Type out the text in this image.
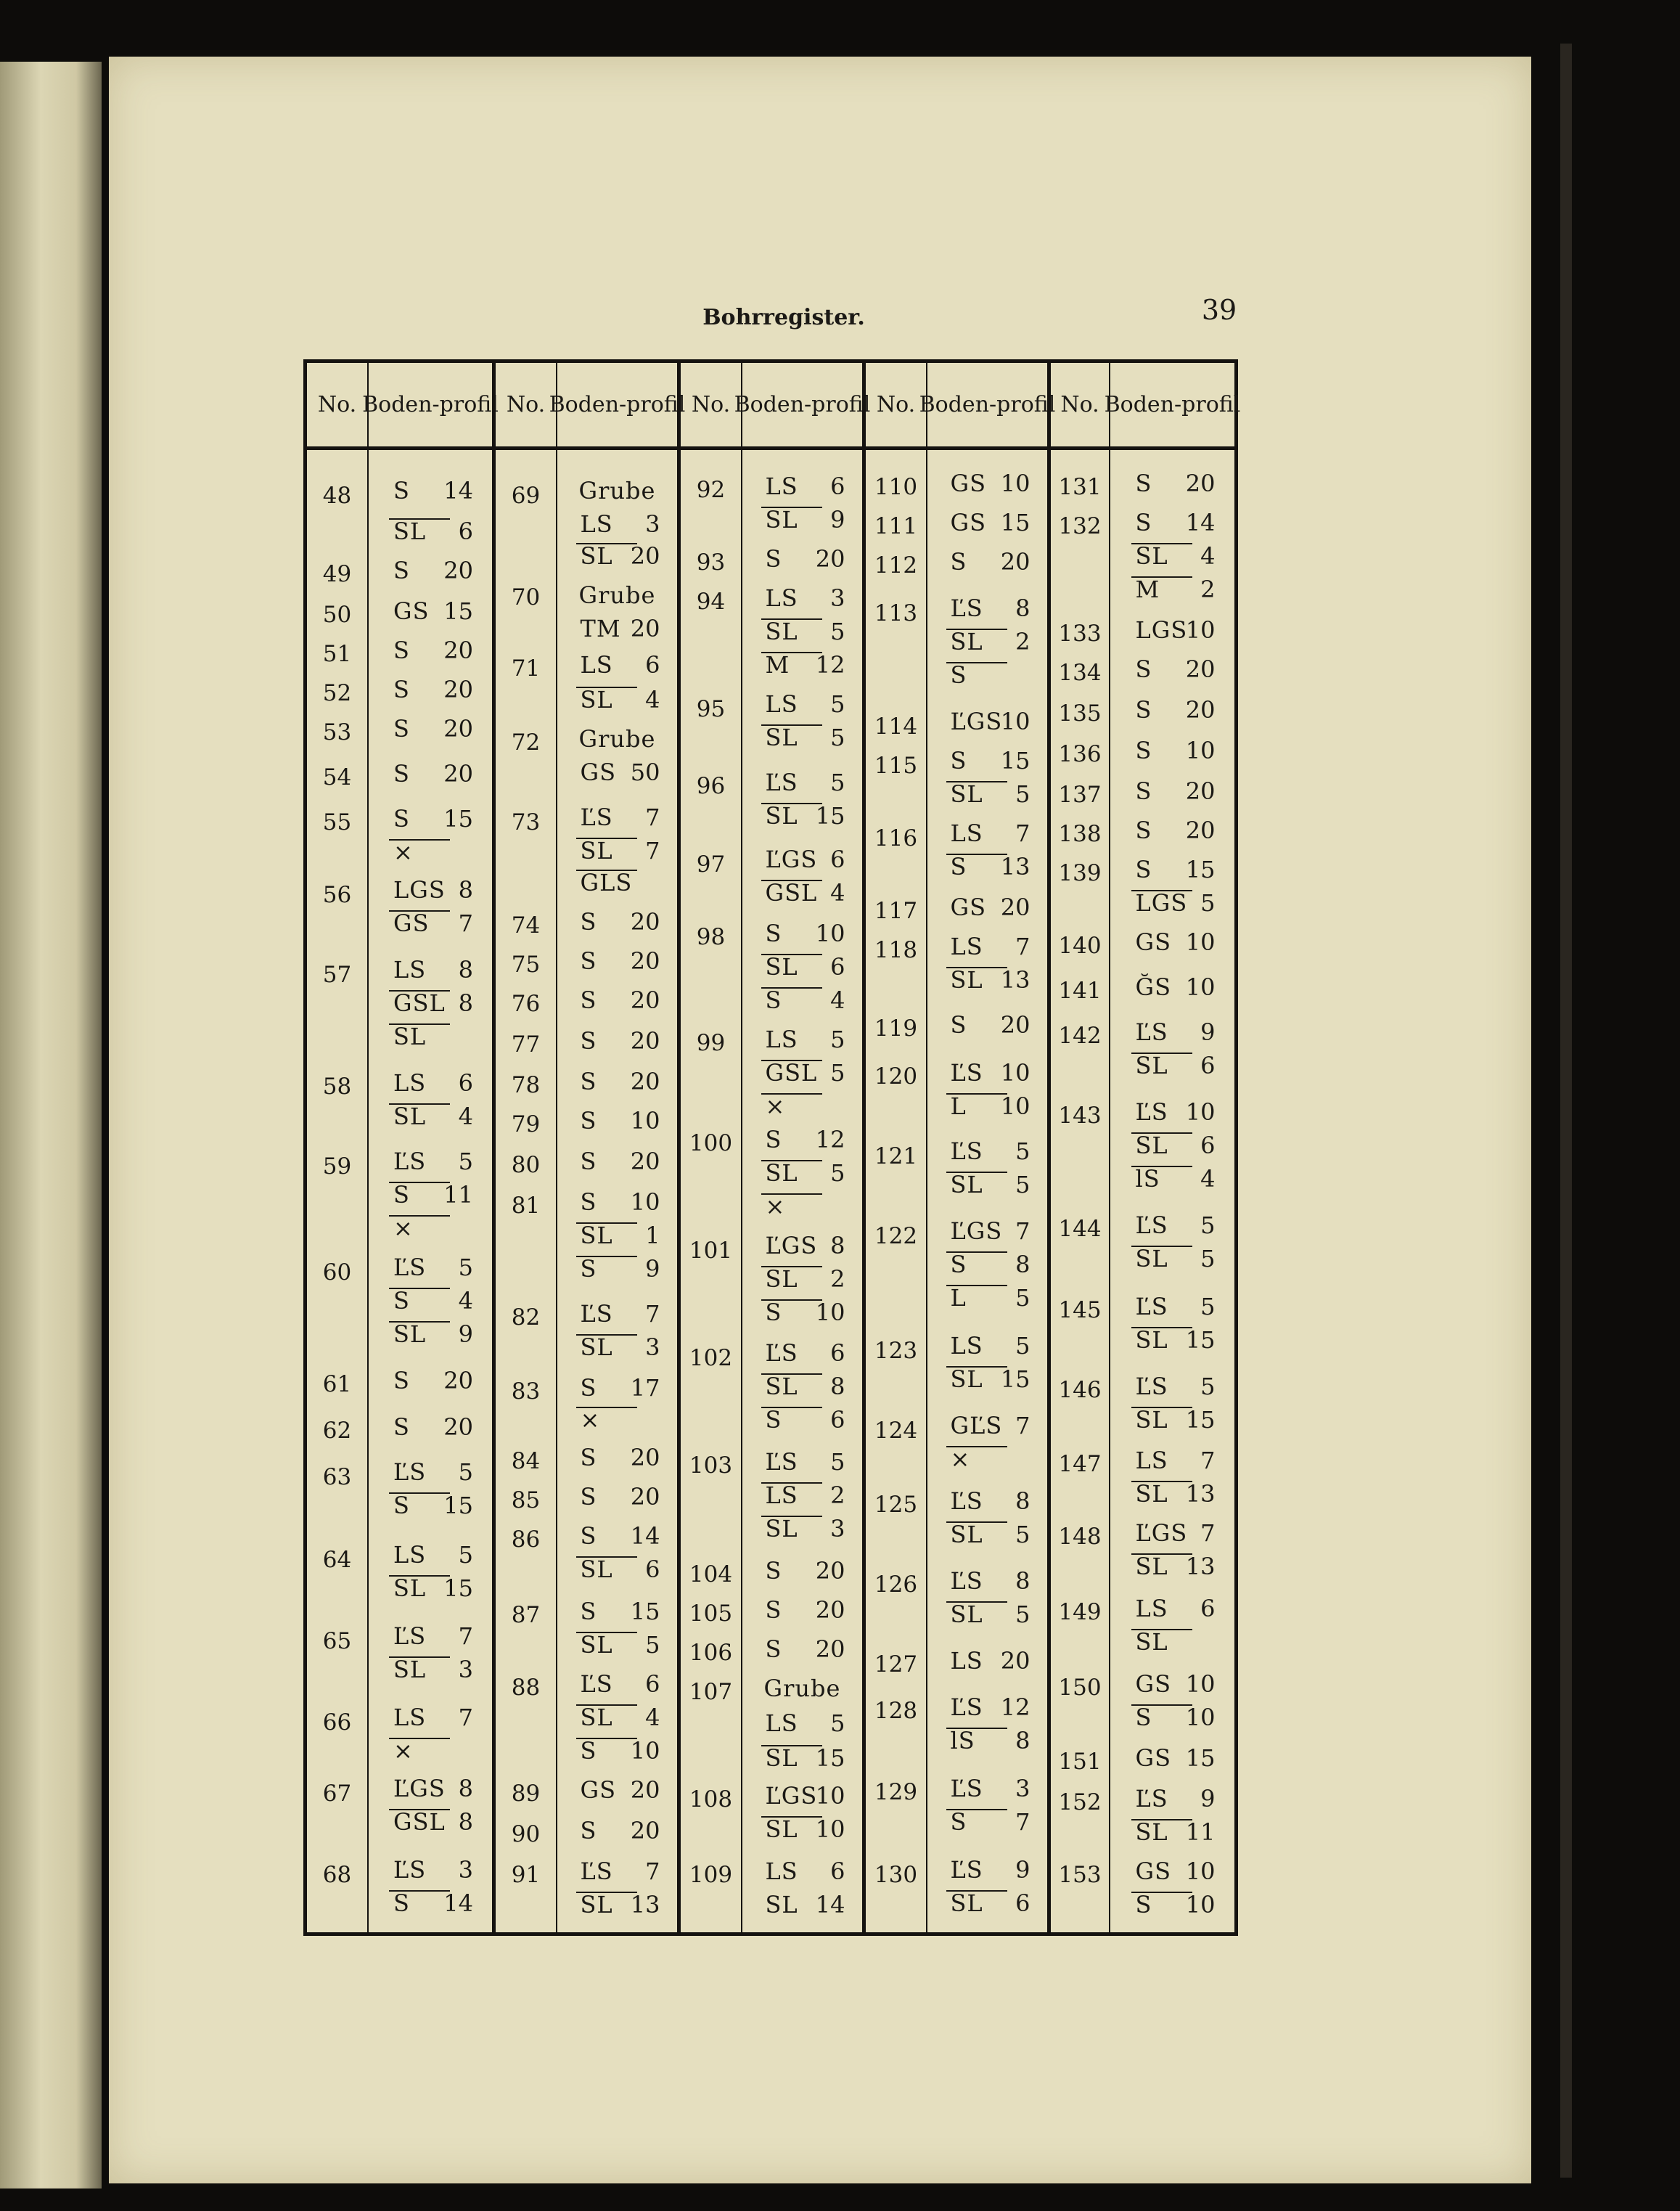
Bohrregister.	39
No.
48
49
50
51
52
53
54
55
56
57
58
59
60
61
62
63
64
65
66
67
68
Boden- profil
S 14
SL 6
S 20
GS 15
S 20
S 20
S 20
S 20
S 15
×
LGS 8
GS 7
LS 8
GSL 8
SL
LS 6
SL 4
ĽS 5
S 11
×
ĽS 5
S 4
SL 9
S 20
S 20
ĽS 5
S 15
LS 5
SL 15
ĽS 7
SL 3
LS 7
×
ĽGS 8
GSL 8
ĽS 3
S 14
No.
69
70
71
72
73
74
75
76
77
78
79
80
81
82
83
84
85
86
87
88
89
90
91
Boden- profil
Grube
LS 3
SL 20
Grube
TM 20
LS 6
SL 4
Grube
GS 50
ĽS 7
SL 7
GLS
S 20
S 20
S 20
S 20
S 20
S 10
S 20
S 10
SL 1
S 9
ĽS 7
SL 3
S 17
×
S 20
S 20
S 14
SL 6
S 15
SL 5
ĽS 6
SL 4
S 10
GS 20
S 20
ĽS 7
SL 13
No.
92
93
94
95
96
97
98
99
100
101
102
103
104
105
106
107
108
109
Boden- profil
LS 6
SL 9
S 20
LS 3
SL 5
M 12
LS 5
SL 5
ĽS 5
SL 15
ĽGS 6
GSL 4
S 10
SL 6
S 4
LS 5
GSL 5
×
S 12
SL 5
×
ĽGS 8
SL 2
S 10
ĽS 6
SL 8
S 6
ĽS 5
LS 2
SL 3
S 20
S 20
S 20
Grube
LS 5
SL 15
ĽGS
10
SL 10
LS 6
SL 14
No.
110
111
112
113
114
115
116
117
118
119
120
121
122
123
124
125
126
127
128
129
130
Boden- profil
GS 10
GS 15
S 20
ĽS 8
SL 2
S
ĽGS
10
S 15
SL 5
LS 7
S 13
GS 20
LS 7
SL 13
S 20
ĽS 10
L 10
ĽS 5
SL 5
ĽGS 7
S 8
L 5
LS 5
SL 15
GĽS 7
×
ĽS 8
SL 5
ĽS 8
SL 5
LS 20
ĽS 12
lS 8
ĽS 3
S 7
ĽS 9
SL 6
No.
131
132
133
134
135
136
137
138
139
140
141
142
143
144
145
146
147
148
149
150
151
152
153
Boden- profil
S 20
S 14
SL 4
M 2
LGS
10
S 20
S 20
S 10
S 20
S 20
S 15
LGS 5
GS 10
ĞS 10
ĽS 9
SL 6
ĽS 10
SL 6
lS 4
ĽS 5
SL 5
ĽS 5
SL 15
ĽS 5
SL 15
LS 7
SL 13
ĽGS 7
SL 13
LS 6
SL
GS 10
S 10
GS 15
ĽS 9
SL 11
GS 10
S 10
